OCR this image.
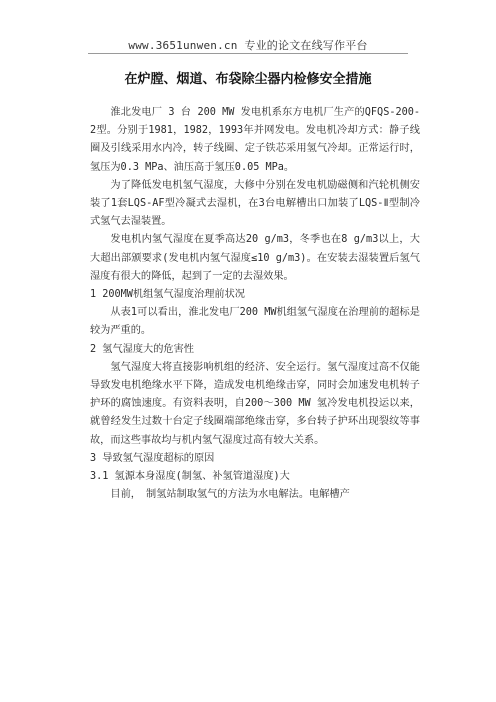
www.3651unwen.cn 专业的论文在线写作平台
在炉膛、烟道、布袋除尘器内检修安全措施

淮北发电厂 3 台 200 MW 发电机系东方电机厂生产的QFQS-200-2型。分别于1981，1982，1993年并网发电。发电机冷却方式：静子线圈及引线采用水内冷，转子线圈、定子铁芯采用氢气冷却。正常运行时，氢压为0.3 MPa、油压高于氢压0.05 MPa。

为了降低发电机氢气湿度，大修中分别在发电机励磁侧和汽轮机侧安装了1套LQS-AF型冷凝式去湿机，在3台电解槽出口加装了LQS-Ⅱ型制冷式氢气去湿装置。

发电机内氢气湿度在夏季高达20 g/m3，冬季也在8 g/m3以上，大大超出部颁要求(发电机内氢气湿度≤10 g/m3)。在安装去湿装置后氢气湿度有很大的降低，起到了一定的去湿效果。

1 200MW机组氢气湿度治理前状况

从表1可以看出，淮北发电厂200 MW机组氢气湿度在治理前的超标是较为严重的。

2 氢气湿度大的危害性

氢气湿度大将直接影响机组的经济、安全运行。氢气湿度过高不仅能导致发电机绝缘水平下降，造成发电机绝缘击穿，同时会加速发电机转子护环的腐蚀速度。有资料表明，自200～300 MW 氢冷发电机投运以来，就曾经发生过数十台定子线圈端部绝缘击穿，多台转子护环出现裂纹等事故，而这些事故均与机内氢气湿度过高有较大关系。

3 导致氢气湿度超标的原因

3.1 氢源本身湿度(制氢、补氢管道湿度)大

目前，　制氢站制取氢气的方法为水电解法。电解槽产
